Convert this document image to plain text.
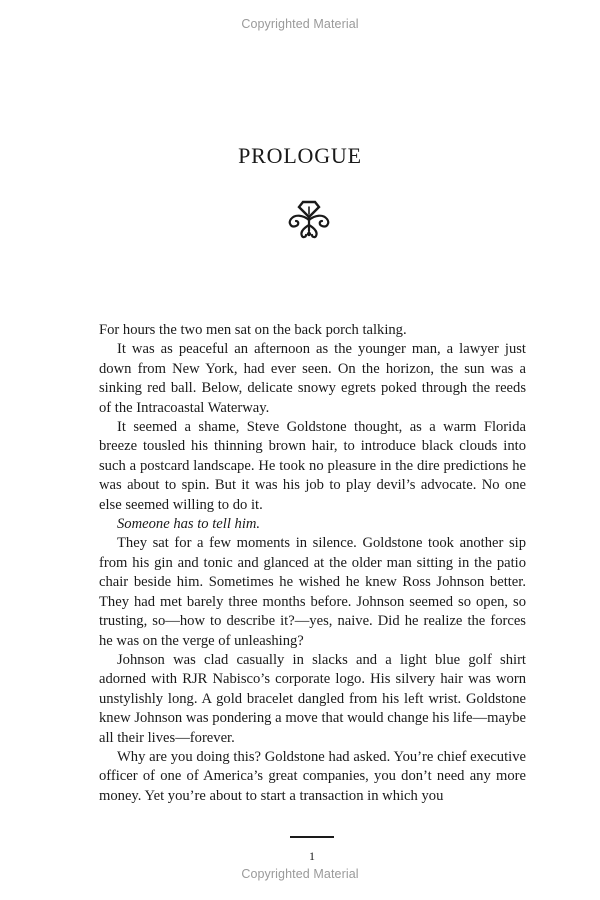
Copyrighted Material
PROLOGUE

For hours the two men sat on the back porch talking.

It was as peaceful an afternoon as the younger man, a lawyer just down from New York, had ever seen. On the horizon, the sun was a sinking red ball. Below, delicate snowy egrets poked through the reeds of the Intracoastal Waterway.

It seemed a shame, Steve Goldstone thought, as a warm Florida breeze tousled his thinning brown hair, to introduce black clouds into such a postcard landscape. He took no pleasure in the dire predictions he was about to spin. But it was his job to play devil’s advocate. No one else seemed willing to do it.

Someone has to tell him.

They sat for a few moments in silence. Goldstone took another sip from his gin and tonic and glanced at the older man sitting in the patio chair beside him. Sometimes he wished he knew Ross Johnson better. They had met barely three months before. Johnson seemed so open, so trusting, so—how to describe it?—yes, naive. Did he realize the forces he was on the verge of unleashing?

Johnson was clad casually in slacks and a light blue golf shirt adorned with RJR Nabisco’s corporate logo. His silvery hair was worn unstylishly long. A gold bracelet dangled from his left wrist. Goldstone knew Johnson was pondering a move that would change his life—maybe all their lives—forever.

Why are you doing this? Goldstone had asked. You’re chief executive officer of one of America’s great companies, you don’t need any more money. Yet you’re about to start a transaction in which you

1
Copyrighted Material
